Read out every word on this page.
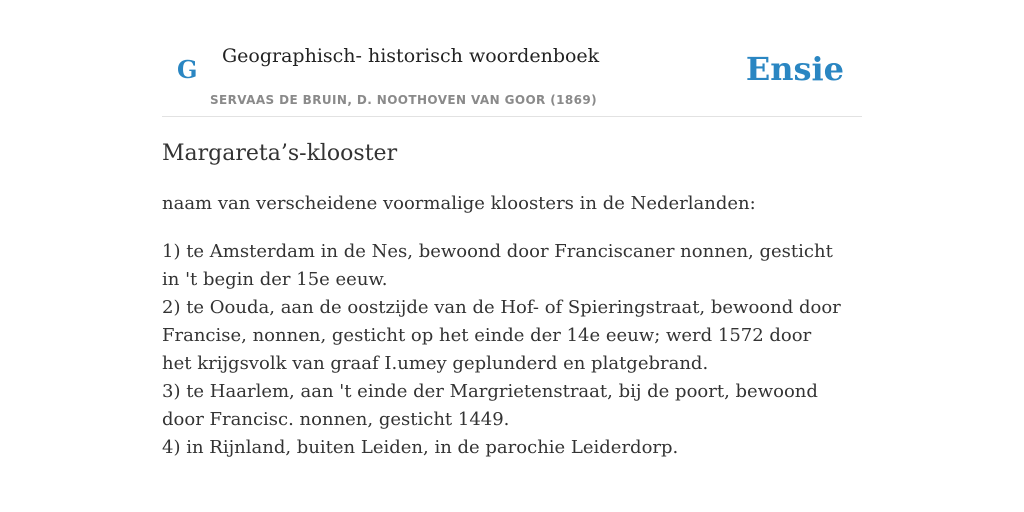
G Geographisch- historisch woordenboek
SERVAAS DE BRUIN, D. NOOTHOVEN VAN GOOR (1869)
Ensie
Margareta’s-klooster

naam van verscheidene voormalige kloosters in de Nederlanden:

1) te Amsterdam in de Nes, bewoond door Franciscaner nonnen, gesticht in 't begin der 15e eeuw.
2) te Oouda, aan de oostzijde van de Hof- of Spieringstraat, bewoond door Francise, nonnen, gesticht op het einde der 14e eeuw; werd 1572 door het krijgsvolk van graaf I.umey geplunderd en platgebrand.
3) te Haarlem, aan 't einde der Margrietenstraat, bij de poort, bewoond door Francisc. nonnen, gesticht 1449.
4) in Rijnland, buiten Leiden, in de parochie Leiderdorp.
